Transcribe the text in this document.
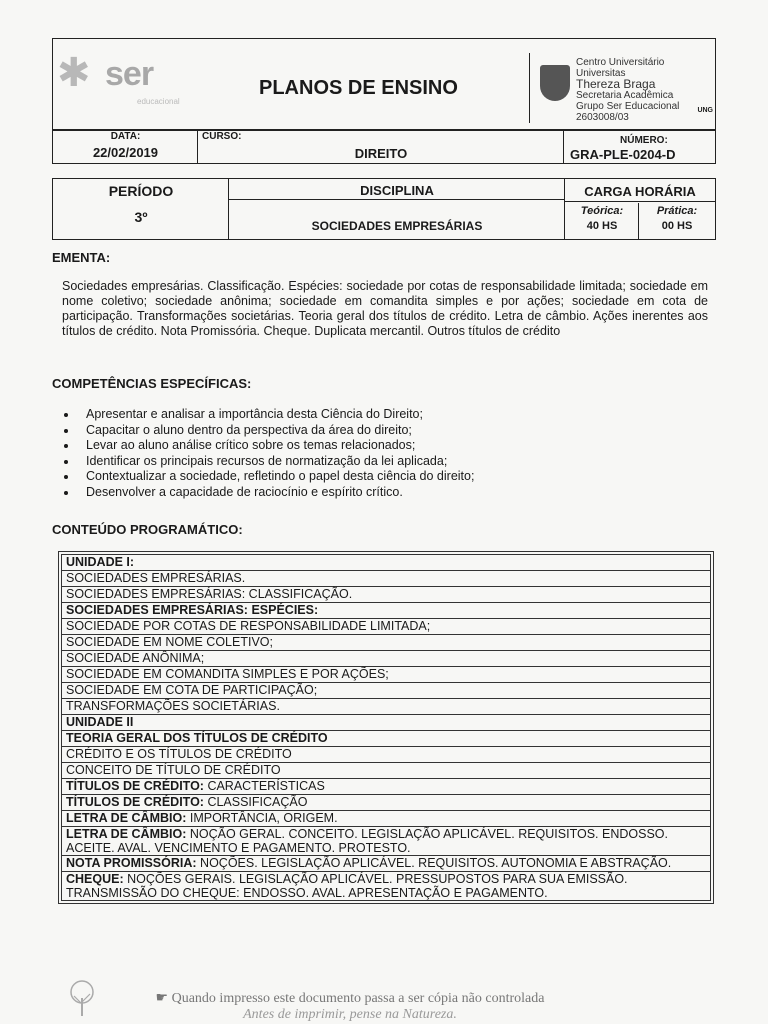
✱ ser
educacional
PLANOS DE ENSINO
Centro Universitário Universitas
Thereza Braga
Secretaria Acadêmica
Grupo Ser Educacional
2603008/03
UNG
DATA:
22/02/2019
CURSO:
DIREITO
NÚMERO:
GRA-PLE-0204-D
PERÍODO
3º
DISCIPLINA
SOCIEDADES EMPRESÁRIAS
CARGA HORÁRIA
Teórica:
40 HS
Prática:
00 HS
EMENTA:
Sociedades empresárias. Classificação. Espécies: sociedade por cotas de responsabilidade limitada; sociedade em nome coletivo; sociedade anônima; sociedade em comandita simples e por ações; sociedade em cota de participação. Transformações societárias. Teoria geral dos títulos de crédito. Letra de câmbio. Ações inerentes aos títulos de crédito. Nota Promissória. Cheque. Duplicata mercantil. Outros títulos de crédito
COMPETÊNCIAS ESPECÍFICAS:
• Apresentar e analisar a importância desta Ciência do Direito;
• Capacitar o aluno dentro da perspectiva da área do direito;
• Levar ao aluno análise crítico sobre os temas relacionados;
• Identificar os principais recursos de normatização da lei aplicada;
• Contextualizar a sociedade, refletindo o papel desta ciência do direito;
• Desenvolver a capacidade de raciocínio e espírito crítico.
CONTEÚDO PROGRAMÁTICO:
UNIDADE I:
SOCIEDADES EMPRESÁRIAS.
SOCIEDADES EMPRESÁRIAS: CLASSIFICAÇÃO.
SOCIEDADES EMPRESÁRIAS: ESPÉCIES:
SOCIEDADE POR COTAS DE RESPONSABILIDADE LIMITADA;
SOCIEDADE EM NOME COLETIVO;
SOCIEDADE ANÔNIMA;
SOCIEDADE EM COMANDITA SIMPLES E POR AÇÕES;
SOCIEDADE EM COTA DE PARTICIPAÇÃO;
TRANSFORMAÇÕES SOCIETÁRIAS.
UNIDADE II
TEORIA GERAL DOS TÍTULOS DE CRÉDITO
CRÉDITO E OS TÍTULOS DE CRÉDITO
CONCEITO DE TÍTULO DE CRÉDITO
TÍTULOS DE CRÉDITO: CARACTERÍSTICAS
TÍTULOS DE CRÉDITO: CLASSIFICAÇÃO
LETRA DE CÂMBIO: IMPORTÂNCIA, ORIGEM.
LETRA DE CÂMBIO: NOÇÃO GERAL. CONCEITO. LEGISLAÇÃO APLICÁVEL. REQUISITOS. ENDOSSO. ACEITE. AVAL. VENCIMENTO E PAGAMENTO. PROTESTO.
NOTA PROMISSÓRIA: NOÇÕES. LEGISLAÇÃO APLICÁVEL. REQUISITOS. AUTONOMIA E ABSTRAÇÃO.
CHEQUE: NOÇÕES GERAIS. LEGISLAÇÃO APLICÁVEL. PRESSUPOSTOS PARA SUA EMISSÃO. TRANSMISSÃO DO CHEQUE: ENDOSSO. AVAL. APRESENTAÇÃO E PAGAMENTO.
☛ Quando impresso este documento passa a ser cópia não controlada
Antes de imprimir, pense na Natureza.
